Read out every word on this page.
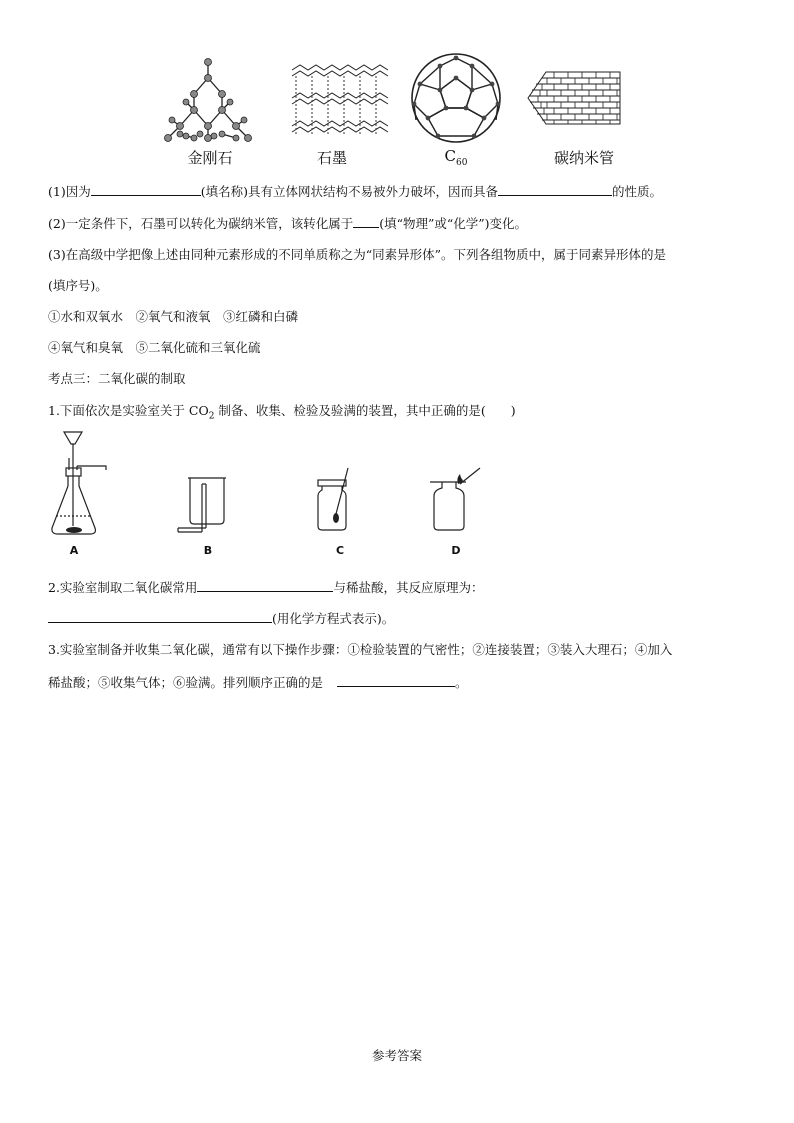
金刚石	石墨	$C_{60}$	碳纳米管
(1)因为	(填名称)具有立体网状结构不易被外力破坏，因而具备	的性质。
(2)一定条件下，石墨可以转化为碳纳米管，该转化属于 (填“物理”或“化学”)变化。
(3)在高级中学把像上述由同种元素形成的不同单质称之为“同素异形体”。下列各组物质中，属于同素异形体的是
(填序号)。
①水和双氧水　②氧气和液氧　③红磷和白磷
④氧气和臭氧　⑤二氧化硫和三氧化硫
考点三：二氧化碳的制取
1.下面依次是实验室关于 $CO_2$ 制备、收集、检验及验满的装置，其中正确的是(　　)
A	B	C	D
2.实验室制取二氧化碳常用	与稀盐酸，其反应原理为：
(用化学方程式表示)。
3.实验室制备并收集二氧化碳，通常有以下操作步骤：①检验装置的气密性；②连接装置；③装入大理石；④加入
稀盐酸；⑤收集气体；⑥验满。排列顺序正确的是	。
参考答案
